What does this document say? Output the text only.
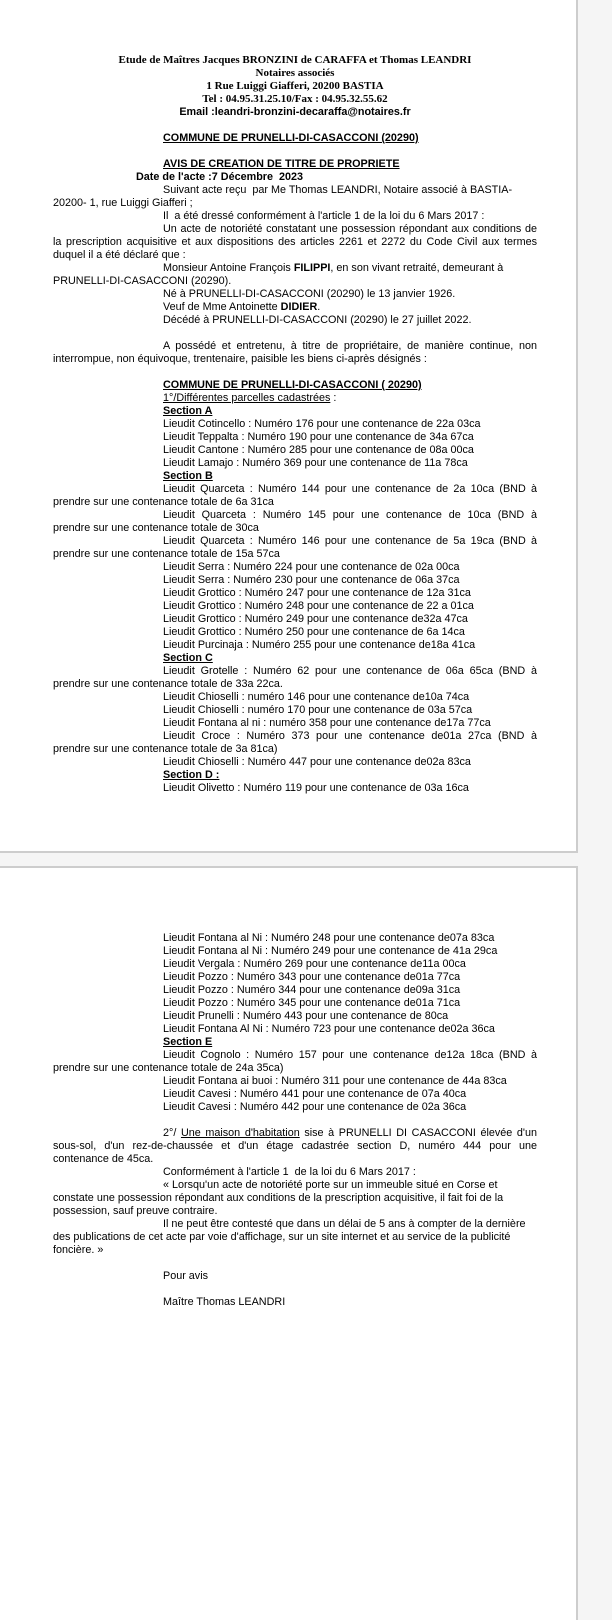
Etude de Maîtres Jacques BRONZINI de CARAFFA et Thomas LEANDRI
Notaires associés
1 Rue Luiggi Giafferi, 20200 BASTIA
Tel : 04.95.31.25.10/Fax : 04.95.32.55.62
Email :leandri-bronzini-decaraffa@notaires.fr
COMMUNE DE PRUNELLI-DI-CASACCONI (20290)
AVIS DE CREATION DE TITRE DE PROPRIETE
Date de l'acte :7 Décembre  2023
Suivant acte reçu  par Me Thomas LEANDRI, Notaire associé à BASTIA-
20200- 1, rue Luiggi Giafferi ;
Il  a été dressé conformément à l'article 1 de la loi du 6 Mars 2017 :
Un acte de notoriété constatant une possession répondant aux conditions de
la prescription acquisitive et aux dispositions des articles 2261 et 2272 du Code Civil aux termes
duquel il a été déclaré que :
Monsieur Antoine François FILIPPI, en son vivant retraité, demeurant à
PRUNELLI-DI-CASACCONI (20290).
Né à PRUNELLI-DI-CASACCONI (20290) le 13 janvier 1926.
Veuf de Mme Antoinette DIDIER.
Décédé à PRUNELLI-DI-CASACCONI (20290) le 27 juillet 2022.
A possédé et entretenu, à titre de propriétaire, de manière continue, non
interrompue, non équivoque, trentenaire, paisible les biens ci-après désignés :
COMMUNE DE PRUNELLI-DI-CASACCONI ( 20290)
1°/Différentes parcelles cadastrées :
Section A
Lieudit Cotincello : Numéro 176 pour une contenance de 22a 03ca
Lieudit Teppalta : Numéro 190 pour une contenance de 34a 67ca
Lieudit Cantone : Numéro 285 pour une contenance de 08a 00ca
Lieudit Lamajo : Numéro 369 pour une contenance de 11a 78ca
Section B
Lieudit Quarceta : Numéro 144 pour une contenance de 2a 10ca (BND à
prendre sur une contenance totale de 6a 31ca
Lieudit Quarceta : Numéro 145 pour une contenance de 10ca (BND à
prendre sur une contenance totale de 30ca
Lieudit Quarceta : Numéro 146 pour une contenance de 5a 19ca (BND à
prendre sur une contenance totale de 15a 57ca
Lieudit Serra : Numéro 224 pour une contenance de 02a 00ca
Lieudit Serra : Numéro 230 pour une contenance de 06a 37ca
Lieudit Grottico : Numéro 247 pour une contenance de 12a 31ca
Lieudit Grottico : Numéro 248 pour une contenance de 22 a 01ca
Lieudit Grottico : Numéro 249 pour une contenance de32a 47ca
Lieudit Grottico : Numéro 250 pour une contenance de 6a 14ca
Lieudit Purcinaja : Numéro 255 pour une contenance de18a 41ca
Section C
Lieudit Grotelle : Numéro 62 pour une contenance de 06a 65ca (BND à
prendre sur une contenance totale de 33a 22ca.
Lieudit Chioselli : numéro 146 pour une contenance de10a 74ca
Lieudit Chioselli : numéro 170 pour une contenance de 03a 57ca
Lieudit Fontana al ni : numéro 358 pour une contenance de17a 77ca
Lieudit Croce : Numéro 373 pour une contenance de01a 27ca (BND à
prendre sur une contenance totale de 3a 81ca)
Lieudit Chioselli : Numéro 447 pour une contenance de02a 83ca
Section D :
Lieudit Olivetto : Numéro 119 pour une contenance de 03a 16ca
Lieudit Fontana al Ni : Numéro 248 pour une contenance de07a 83ca
Lieudit Fontana al Ni : Numéro 249 pour une contenance de 41a 29ca
Lieudit Vergala : Numéro 269 pour une contenance de11a 00ca
Lieudit Pozzo : Numéro 343 pour une contenance de01a 77ca
Lieudit Pozzo : Numéro 344 pour une contenance de09a 31ca
Lieudit Pozzo : Numéro 345 pour une contenance de01a 71ca
Lieudit Prunelli : Numéro 443 pour une contenance de 80ca
Lieudit Fontana Al Ni : Numéro 723 pour une contenance de02a 36ca
Section E
Lieudit Cognolo : Numéro 157 pour une contenance de12a 18ca (BND à
prendre sur une contenance totale de 24a 35ca)
Lieudit Fontana ai buoi : Numéro 311 pour une contenance de 44a 83ca
Lieudit Cavesi : Numéro 441 pour une contenance de 07a 40ca
Lieudit Cavesi : Numéro 442 pour une contenance de 02a 36ca
2°/ Une maison d'habitation sise à PRUNELLI DI CASACCONI élevée d'un
sous-sol, d'un rez-de-chaussée et d'un étage cadastrée section D, numéro 444 pour une
contenance de 45ca.
Conformément à l'article 1  de la loi du 6 Mars 2017 :
« Lorsqu'un acte de notoriété porte sur un immeuble situé en Corse et
constate une possession répondant aux conditions de la prescription acquisitive, il fait foi de la
possession, sauf preuve contraire.
Il ne peut être contesté que dans un délai de 5 ans à compter de la dernière
des publications de cet acte par voie d'affichage, sur un site internet et au service de la publicité
foncière. »
Pour avis
Maître Thomas LEANDRI
